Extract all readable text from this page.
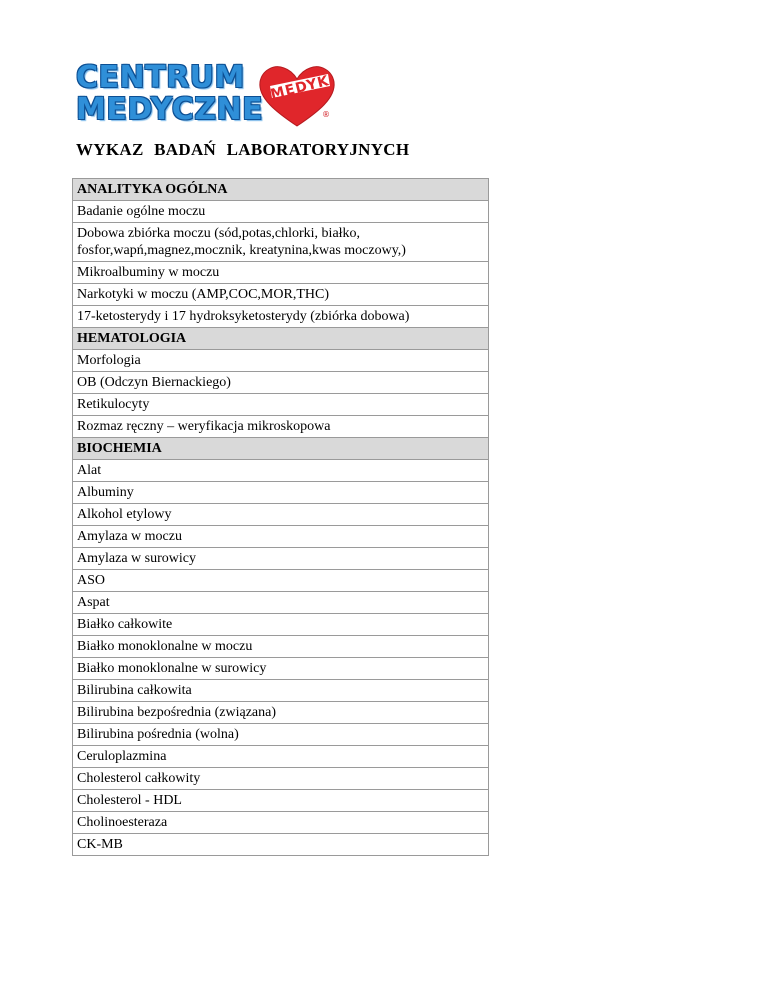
CENTRUM
MEDYCZNE
MEDYK
®
WYKAZ BADAŃ LABORATORYJNYCH
ANALITYKA OGÓLNA
Badanie ogólne moczu
Dobowa zbiórka moczu (sód,potas,chlorki, białko, fosfor,wapń,magnez,mocznik, kreatynina,kwas moczowy,)
Mikroalbuminy w moczu
Narkotyki w moczu (AMP,COC,MOR,THC)
17-ketosterydy i 17 hydroksyketosterydy (zbiórka dobowa)
HEMATOLOGIA
Morfologia
OB (Odczyn Biernackiego)
Retikulocyty
Rozmaz ręczny – weryfikacja mikroskopowa
BIOCHEMIA
Alat
Albuminy
Alkohol etylowy
Amylaza w moczu
Amylaza w surowicy
ASO
Aspat
Białko całkowite
Białko monoklonalne w moczu
Białko monoklonalne w surowicy
Bilirubina całkowita
Bilirubina bezpośrednia (związana)
Bilirubina pośrednia (wolna)
Ceruloplazmina
Cholesterol całkowity
Cholesterol - HDL
Cholinoesteraza
CK-MB
